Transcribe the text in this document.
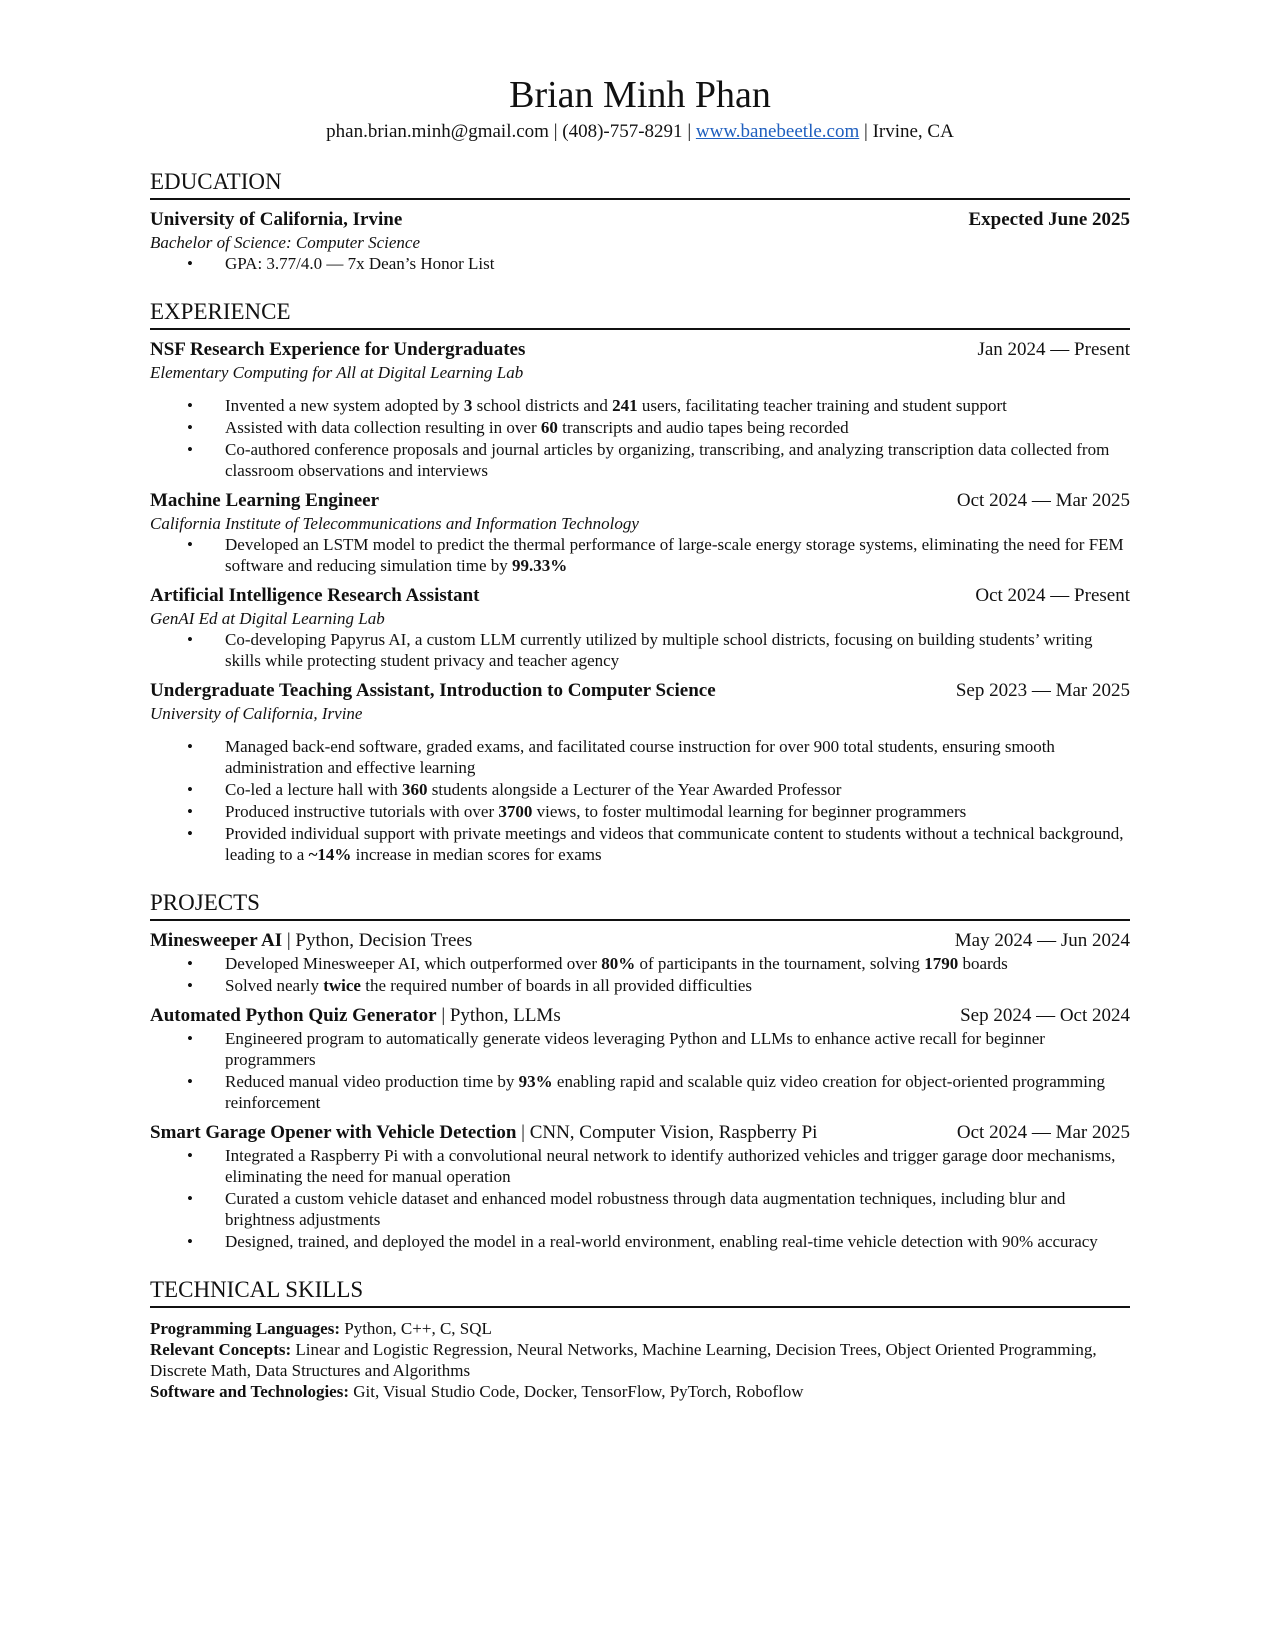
Brian Minh Phan
phan.brian.minh@gmail.com | (408)-757-8291 | www.banebeetle.com | Irvine, CA
EDUCATION
University of California, Irvine	Expected June 2025
Bachelor of Science: Computer Science
• GPA: 3.77/4.0 — 7x Dean’s Honor List
EXPERIENCE
NSF Research Experience for Undergraduates	Jan 2024 — Present
Elementary Computing for All at Digital Learning Lab
• Invented a new system adopted by 3 school districts and 241 users, facilitating teacher training and student support
• Assisted with data collection resulting in over 60 transcripts and audio tapes being recorded
• Co-authored conference proposals and journal articles by organizing, transcribing, and analyzing transcription data collected from classroom observations and interviews
Machine Learning Engineer	Oct 2024 — Mar 2025
California Institute of Telecommunications and Information Technology
• Developed an LSTM model to predict the thermal performance of large-scale energy storage systems, eliminating the need for FEM software and reducing simulation time by 99.33%
Artificial Intelligence Research Assistant	Oct 2024 — Present
GenAI Ed at Digital Learning Lab
• Co-developing Papyrus AI, a custom LLM currently utilized by multiple school districts, focusing on building students’ writing skills while protecting student privacy and teacher agency
Undergraduate Teaching Assistant, Introduction to Computer Science	Sep 2023 — Mar 2025
University of California, Irvine
• Managed back-end software, graded exams, and facilitated course instruction for over 900 total students, ensuring smooth administration and effective learning
• Co-led a lecture hall with 360 students alongside a Lecturer of the Year Awarded Professor
• Produced instructive tutorials with over 3700 views, to foster multimodal learning for beginner programmers
• Provided individual support with private meetings and videos that communicate content to students without a technical background, leading to a ~14% increase in median scores for exams
PROJECTS
Minesweeper AI | Python, Decision Trees	May 2024 — Jun 2024
• Developed Minesweeper AI, which outperformed over 80% of participants in the tournament, solving 1790 boards
• Solved nearly twice the required number of boards in all provided difficulties
Automated Python Quiz Generator | Python, LLMs	Sep 2024 — Oct 2024
• Engineered program to automatically generate videos leveraging Python and LLMs to enhance active recall for beginner programmers
• Reduced manual video production time by 93% enabling rapid and scalable quiz video creation for object-oriented programming reinforcement
Smart Garage Opener with Vehicle Detection | CNN, Computer Vision, Raspberry Pi	Oct 2024 — Mar 2025
• Integrated a Raspberry Pi with a convolutional neural network to identify authorized vehicles and trigger garage door mechanisms, eliminating the need for manual operation
• Curated a custom vehicle dataset and enhanced model robustness through data augmentation techniques, including blur and brightness adjustments
• Designed, trained, and deployed the model in a real-world environment, enabling real-time vehicle detection with 90% accuracy
TECHNICAL SKILLS
Programming Languages: Python, C++, C, SQL
Relevant Concepts: Linear and Logistic Regression, Neural Networks, Machine Learning, Decision Trees, Object Oriented Programming, Discrete Math, Data Structures and Algorithms
Software and Technologies: Git, Visual Studio Code, Docker, TensorFlow, PyTorch, Roboflow
